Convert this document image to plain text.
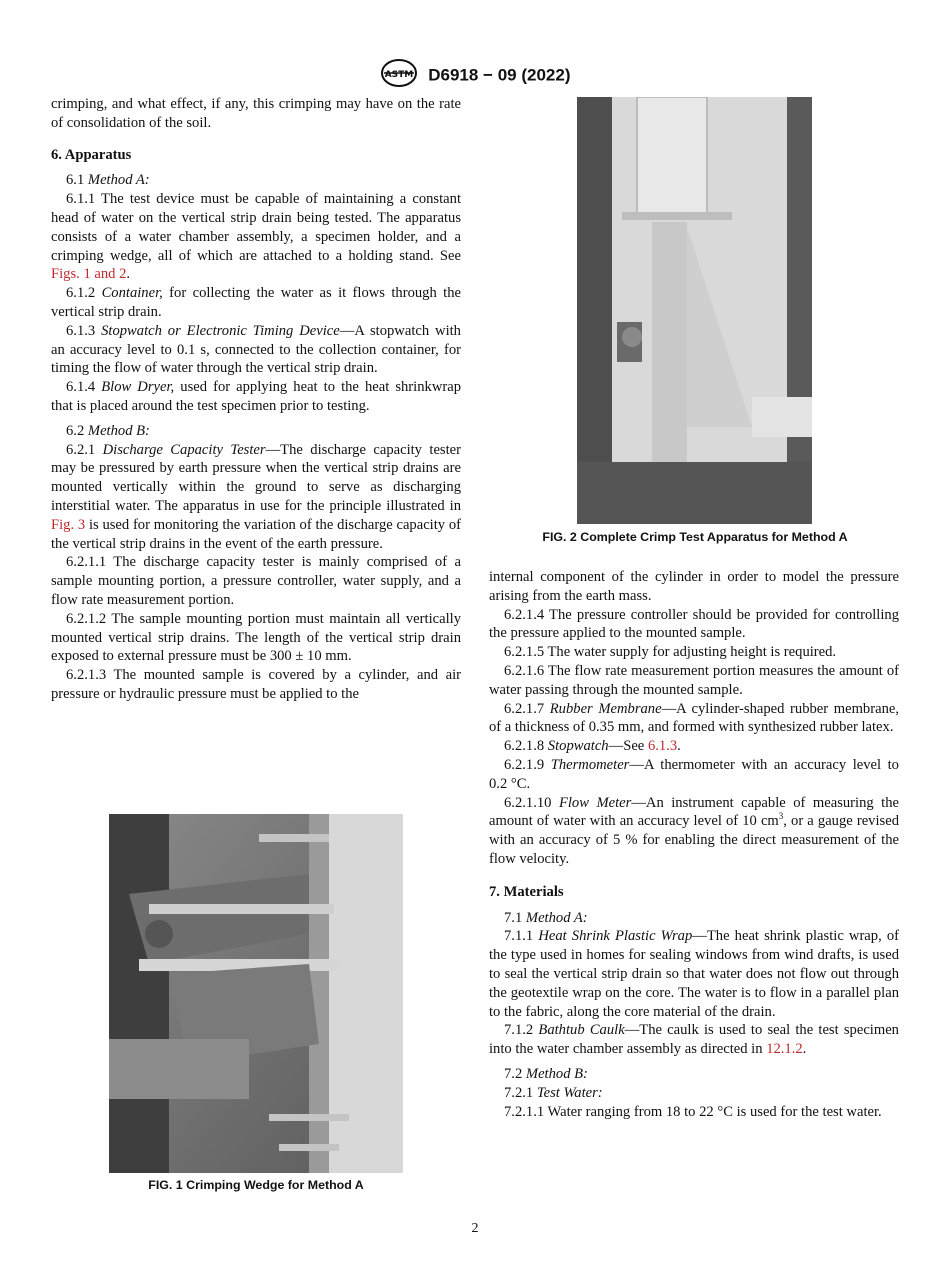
ASTM D6918 − 09 (2022)

crimping, and what effect, if any, this crimping may have on the rate of consolidation of the soil.

6. Apparatus

6.1 Method A:

6.1.1 The test device must be capable of maintaining a constant head of water on the vertical strip drain being tested. The apparatus consists of a water chamber assembly, a specimen holder, and a crimping wedge, all of which are attached to a holding stand. See Figs. 1 and 2.

6.1.2 Container, for collecting the water as it flows through the vertical strip drain.

6.1.3 Stopwatch or Electronic Timing Device—A stopwatch with an accuracy level to 0.1 s, connected to the collection container, for timing the flow of water through the vertical strip drain.

6.1.4 Blow Dryer, used for applying heat to the heat shrinkwrap that is placed around the test specimen prior to testing.

6.2 Method B:

6.2.1 Discharge Capacity Tester—The discharge capacity tester may be pressured by earth pressure when the vertical strip drains are mounted vertically within the ground to serve as discharging interstitial water. The apparatus in use for the principle illustrated in Fig. 3 is used for monitoring the variation of the discharge capacity of the vertical strip drains in the event of the earth pressure.

6.2.1.1 The discharge capacity tester is mainly comprised of a sample mounting portion, a pressure controller, water supply, and a flow rate measurement portion.

6.2.1.2 The sample mounting portion must maintain all vertically mounted vertical strip drains. The length of the vertical strip drain exposed to external pressure must be 300 ± 10 mm.

6.2.1.3 The mounted sample is covered by a cylinder, and air pressure or hydraulic pressure must be applied to the

FIG. 1 Crimping Wedge for Method A
FIG. 2 Complete Crimp Test Apparatus for Method A

internal component of the cylinder in order to model the pressure arising from the earth mass.

6.2.1.4 The pressure controller should be provided for controlling the pressure applied to the mounted sample.

6.2.1.5 The water supply for adjusting height is required.

6.2.1.6 The flow rate measurement portion measures the amount of water passing through the mounted sample.

6.2.1.7 Rubber Membrane—A cylinder-shaped rubber membrane, of a thickness of 0.35 mm, and formed with synthesized rubber latex.

6.2.1.8 Stopwatch—See 6.1.3.

6.2.1.9 Thermometer—A thermometer with an accuracy level to 0.2 °C.

6.2.1.10 Flow Meter—An instrument capable of measuring the amount of water with an accuracy level of 10 $cm^3$, or a gauge revised with an accuracy of 5 % for enabling the direct measurement of the flow velocity.

7. Materials

7.1 Method A:

7.1.1 Heat Shrink Plastic Wrap—The heat shrink plastic wrap, of the type used in homes for sealing windows from wind drafts, is used to seal the vertical strip drain so that water does not flow out through the geotextile wrap on the core. The water is to flow in a parallel plan to the fabric, along the core material of the drain.

7.1.2 Bathtub Caulk—The caulk is used to seal the test specimen into the water chamber assembly as directed in 12.1.2.

7.2 Method B:

7.2.1 Test Water:

7.2.1.1 Water ranging from 18 to 22 °C is used for the test water.

2
